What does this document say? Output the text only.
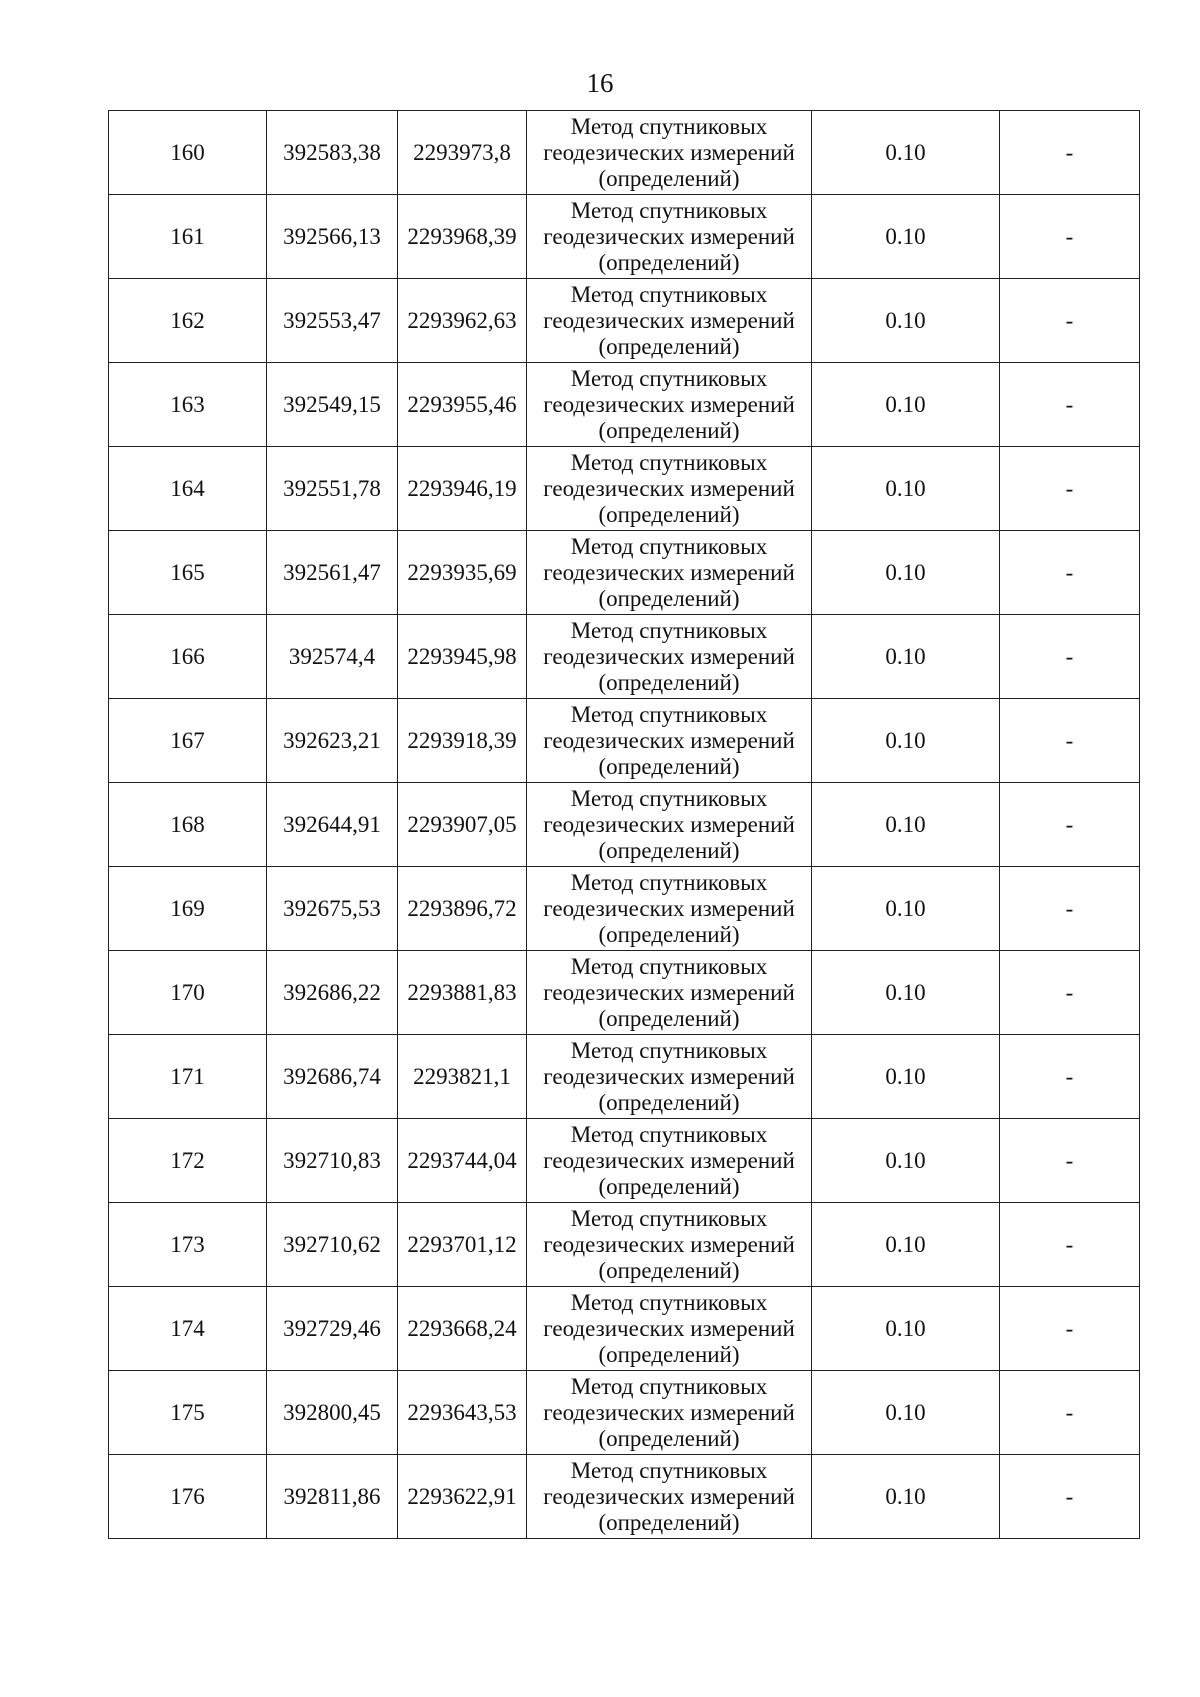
16
160	392583,38	2293973,8	Метод спутниковых геодезических измерений (определений)	0.10	-
161	392566,13	2293968,39	Метод спутниковых геодезических измерений (определений)	0.10	-
162	392553,47	2293962,63	Метод спутниковых геодезических измерений (определений)	0.10	-
163	392549,15	2293955,46	Метод спутниковых геодезических измерений (определений)	0.10	-
164	392551,78	2293946,19	Метод спутниковых геодезических измерений (определений)	0.10	-
165	392561,47	2293935,69	Метод спутниковых геодезических измерений (определений)	0.10	-
166	392574,4	2293945,98	Метод спутниковых геодезических измерений (определений)	0.10	-
167	392623,21	2293918,39	Метод спутниковых геодезических измерений (определений)	0.10	-
168	392644,91	2293907,05	Метод спутниковых геодезических измерений (определений)	0.10	-
169	392675,53	2293896,72	Метод спутниковых геодезических измерений (определений)	0.10	-
170	392686,22	2293881,83	Метод спутниковых геодезических измерений (определений)	0.10	-
171	392686,74	2293821,1	Метод спутниковых геодезических измерений (определений)	0.10	-
172	392710,83	2293744,04	Метод спутниковых геодезических измерений (определений)	0.10	-
173	392710,62	2293701,12	Метод спутниковых геодезических измерений (определений)	0.10	-
174	392729,46	2293668,24	Метод спутниковых геодезических измерений (определений)	0.10	-
175	392800,45	2293643,53	Метод спутниковых геодезических измерений (определений)	0.10	-
176	392811,86	2293622,91	Метод спутниковых геодезических измерений (определений)	0.10	-
